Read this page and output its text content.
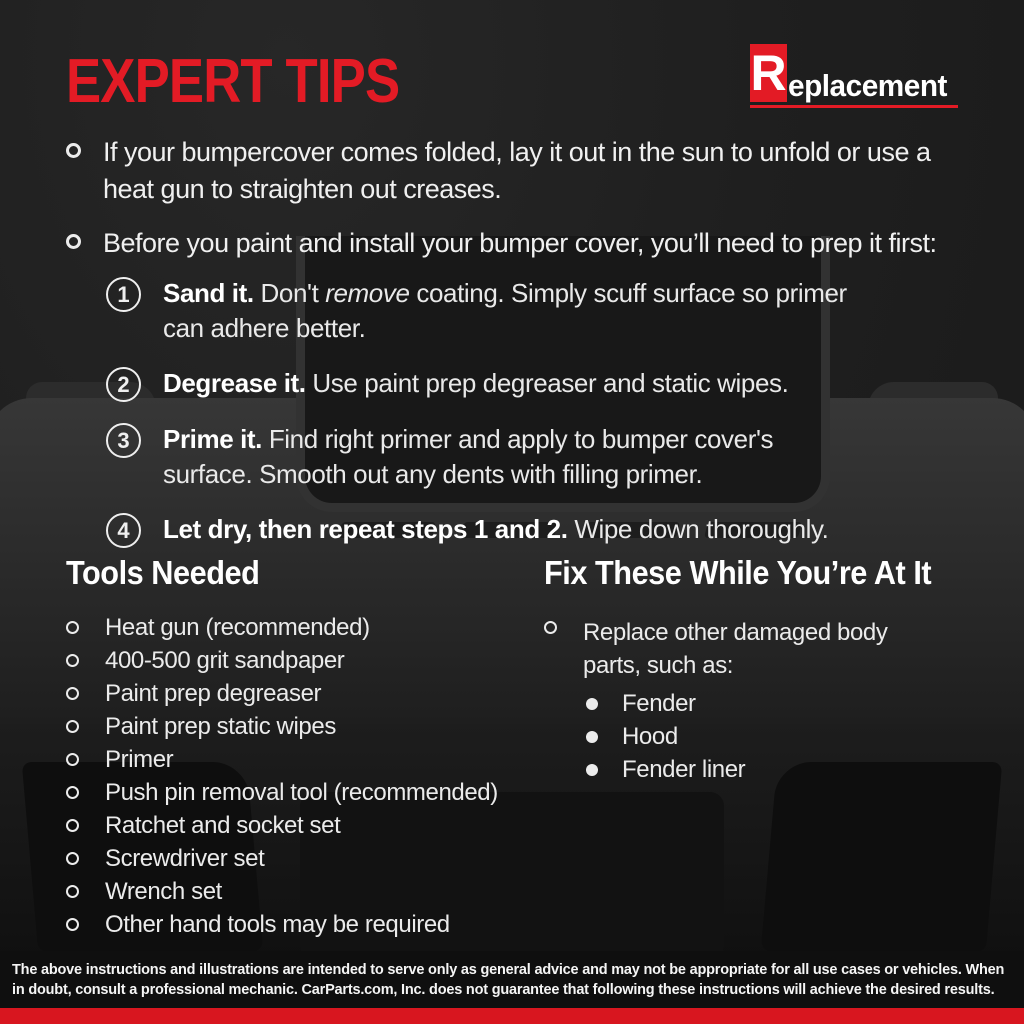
EXPERT TIPS	R eplacement
If your bumpercover comes folded, lay it out in the sun to unfold or use a heat gun to straighten out creases.
Before you paint and install your bumper cover, you’ll need to prep it first:
1	Sand it. Don't remove coating. Simply scuff surface so primer can adhere better.

2	Degrease it. Use paint prep degreaser and static wipes.

3	Prime it. Find right primer and apply to bumper cover's surface. Smooth out any dents with filling primer.

4	Let dry, then repeat steps 1 and 2. Wipe down thoroughly.

Tools Needed
Heat gun (recommended)
400-500 grit sandpaper
Paint prep degreaser
Paint prep static wipes
Primer
Push pin removal tool (recommended)
Ratchet and socket set
Screwdriver set
Wrench set
Other hand tools may be required
Fix These While You’re At It
Replace other damaged body parts, such as:
Fender
Hood
Fender liner

The above instructions and illustrations are intended to serve only as general advice and may not be appropriate for all use cases or vehicles. When in doubt, consult a professional mechanic. CarParts.com, Inc. does not guarantee that following these instructions will achieve the desired results.
